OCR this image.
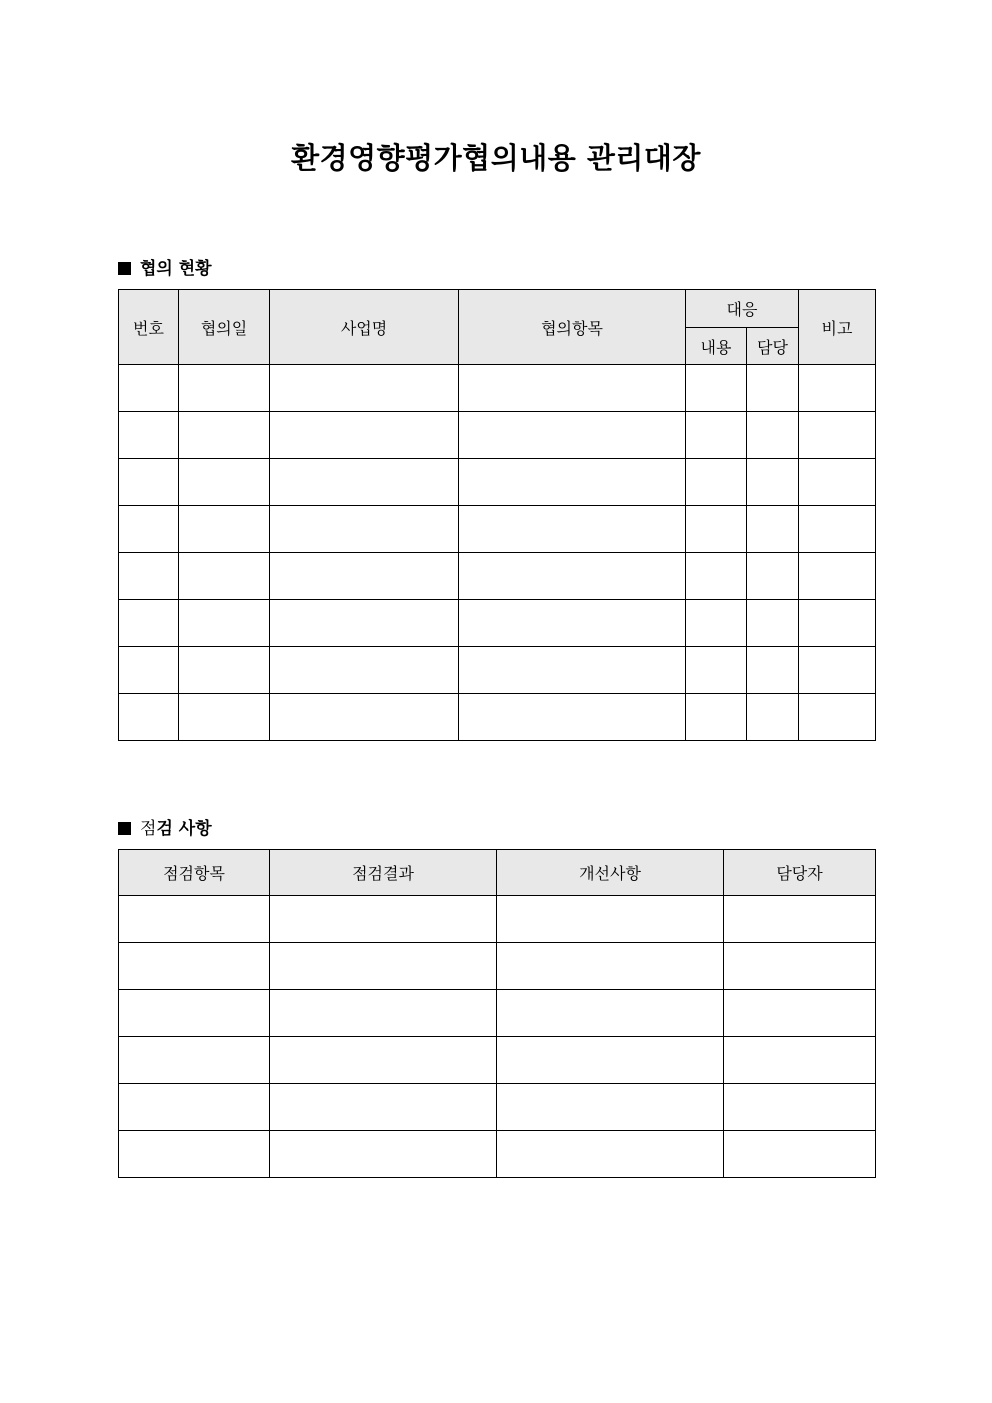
환경영향평가협의내용 관리대장
협의 현황
번호	협의일	사업명	협의항목	대응		비고
				내용	담당	

점검 사항
점검항목	점검결과	개선사항	담당자
